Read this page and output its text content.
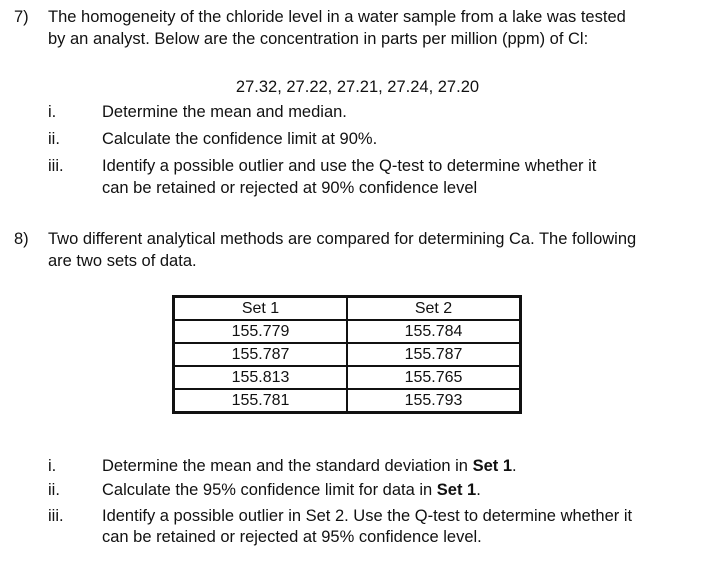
7) The homogeneity of the chloride level in a water sample from a lake was tested
by an analyst. Below are the concentration in parts per million (ppm) of Cl:
27.32, 27.22, 27.21, 27.24, 27.20
i.	Determine the mean and median.
ii.	Calculate the confidence limit at 90%.
iii. Identify a possible outlier and use the Q-test to determine whether it
can be retained or rejected at 90% confidence level
8) Two different analytical methods are compared for determining Ca. The following
are two sets of data.
Set 1	Set 2
155.779	155.784
155.787	155.787
155.813	155.765
155.781	155.793
i.	Determine the mean and the standard deviation in Set 1.
ii.	Calculate the 95% confidence limit for data in Set 1.
iii. Identify a possible outlier in Set 2. Use the Q-test to determine whether it
can be retained or rejected at 95% confidence level.
